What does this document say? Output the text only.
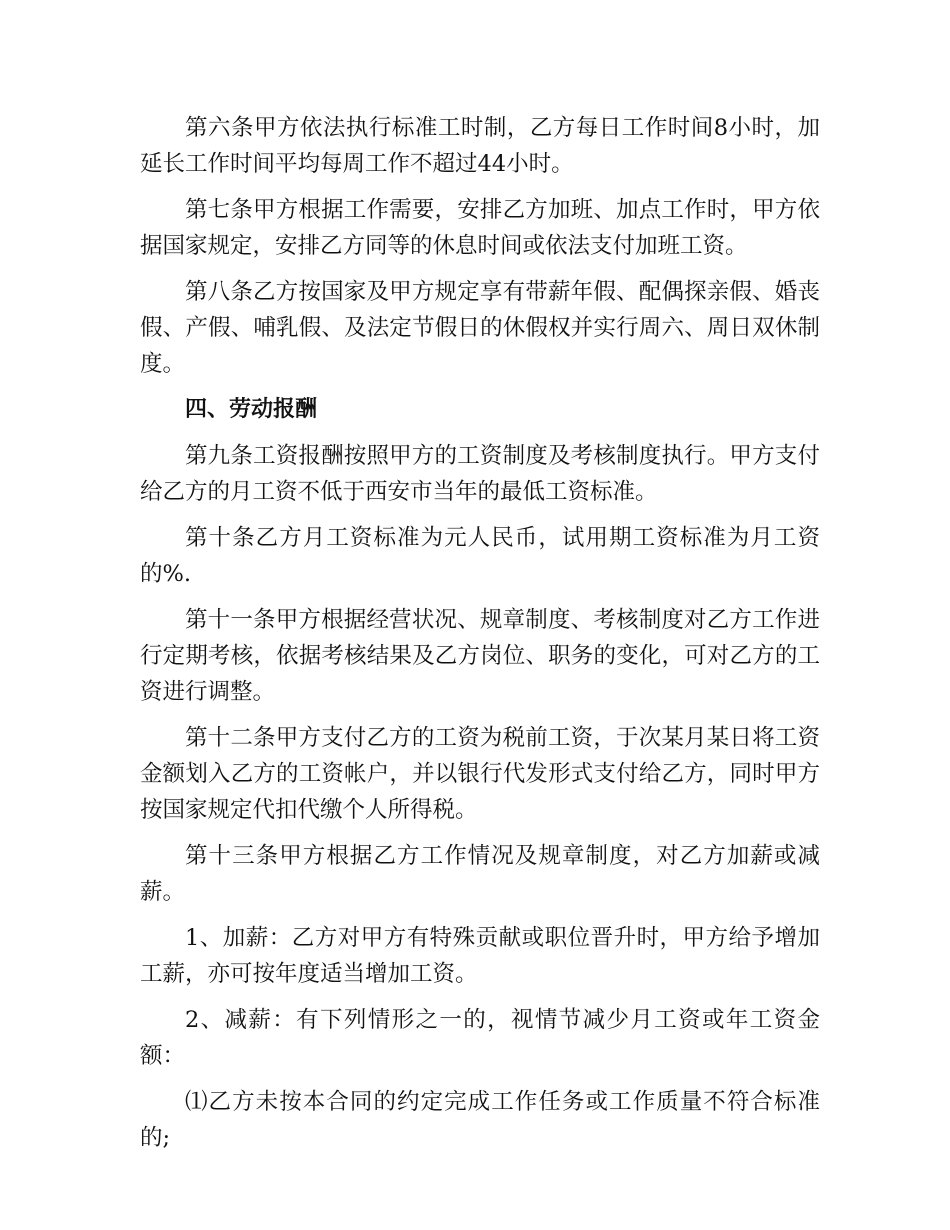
第六条甲方依法执行标准工时制，乙方每日工作时间8小时，加延长工作时间平均每周工作不超过44小时。

第七条甲方根据工作需要，安排乙方加班、加点工作时，甲方依据国家规定，安排乙方同等的休息时间或依法支付加班工资。

第八条乙方按国家及甲方规定享有带薪年假、配偶探亲假、婚丧假、产假、哺乳假、及法定节假日的休假权并实行周六、周日双休制度。

四、劳动报酬

第九条工资报酬按照甲方的工资制度及考核制度执行。甲方支付给乙方的月工资不低于西安市当年的最低工资标准。

第十条乙方月工资标准为元人民币，试用期工资标准为月工资的%.

第十一条甲方根据经营状况、规章制度、考核制度对乙方工作进行定期考核，依据考核结果及乙方岗位、职务的变化，可对乙方的工资进行调整。

第十二条甲方支付乙方的工资为税前工资，于次某月某日将工资金额划入乙方的工资帐户，并以银行代发形式支付给乙方，同时甲方按国家规定代扣代缴个人所得税。

第十三条甲方根据乙方工作情况及规章制度，对乙方加薪或减薪。

1、加薪：乙方对甲方有特殊贡献或职位晋升时，甲方给予增加工薪，亦可按年度适当增加工资。

2、减薪：有下列情形之一的，视情节减少月工资或年工资金额：

⑴乙方未按本合同的约定完成工作任务或工作质量不符合标准的;
